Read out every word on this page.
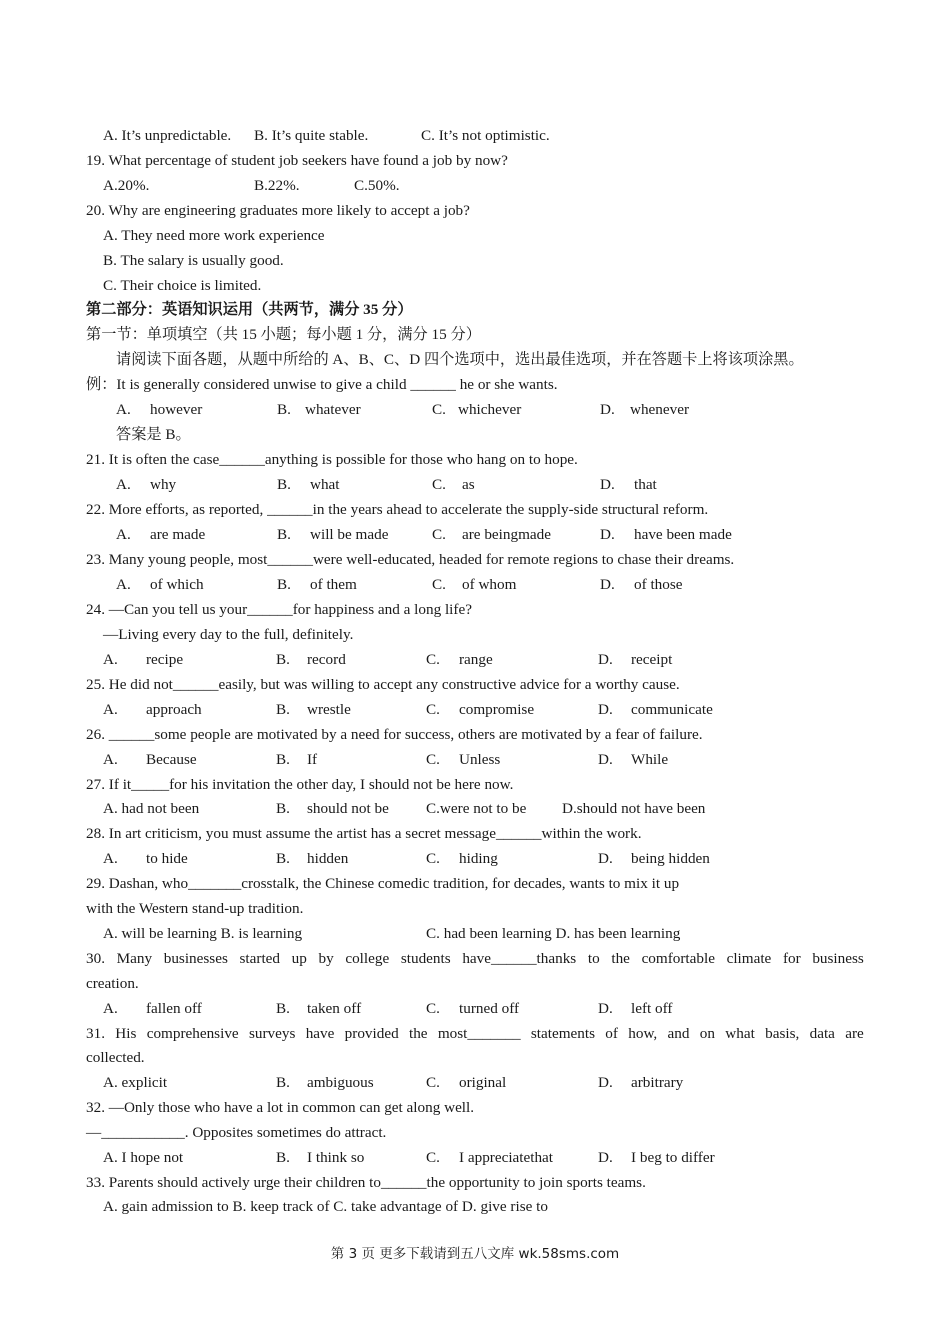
A. It’s unpredictable. B. It’s quite stable.	C. It’s not optimistic.
19. What percentage of student job seekers have found a job by now?
A.20%.	B.22%.	C.50%.
20. Why are engineering graduates more likely to accept a job?
A. They need more work experience
B. The salary is usually good.
C. Their choice is limited.
第二部分：英语知识运用（共两节，满分 35 分）
第一节：单项填空（共 15 小题；每小题 1 分，满分 15 分）
请阅读下面各题，从题中所给的 A、B、C、D 四个选项中，选出最佳选项，并在答题卡上将该项涂黑。
例：It is generally considered unwise to give a child ______ he or she wants.
A. however	B. whatever	C. whichever	D. whenever
答案是 B。
21. It is often the case______anything is possible for those who hang on to hope.
A. why	B. what	C. as	D. that
22. More efforts, as reported, ______in the years ahead to accelerate the supply-side structural reform.
A. are made	B. will be made	C. are beingmade	D. have been made
23. Many young people, most______were well-educated, headed for remote regions to chase their dreams.
A. of which	B. of them	C. of whom	D. of those
24. —Can you tell us your______for happiness and a long life?
—Living every day to the full, definitely.
A. recipe	B. record	C. range	D. receipt
25. He did not______easily, but was willing to accept any constructive advice for a worthy cause.
A. approach	B. wrestle	C. compromise	D. communicate
26. ______some people are motivated by a need for success, others are motivated by a fear of failure.
A. Because	B. If	C. Unless	D. While
27. If it_____for his invitation the other day, I should not be here now.
A. had not been	B. should not be C.were not to be D.should not have been
28. In art criticism, you must assume the artist has a secret message______within the work.
A. to hide	B. hidden	C. hiding	D. being hidden
29. Dashan, who_______crosstalk, the Chinese comedic tradition, for decades, wants to mix it up
with the Western stand-up tradition.
A. will be learning B. is learning	C. had been learning D. has been learning
30. Many businesses started up by college students have______thanks to the comfortable climate for business
creation.
A. fallen off	B. taken off	C. turned off	D. left off
31. His comprehensive surveys have provided the most_______ statements of how, and on what basis, data are
collected.
A. explicit	B. ambiguous	C. original	D. arbitrary
32. —Only those who have a lot in common can get along well.
—___________. Opposites sometimes do attract.
A. I hope not	B. I think so	C. I appreciatethat	D. I beg to differ
33. Parents should actively urge their children to______the opportunity to join sports teams.
A. gain admission to B. keep track of C. take advantage of D. give rise to
第 3 页 更多下载请到五八文库 wk.58sms.com
